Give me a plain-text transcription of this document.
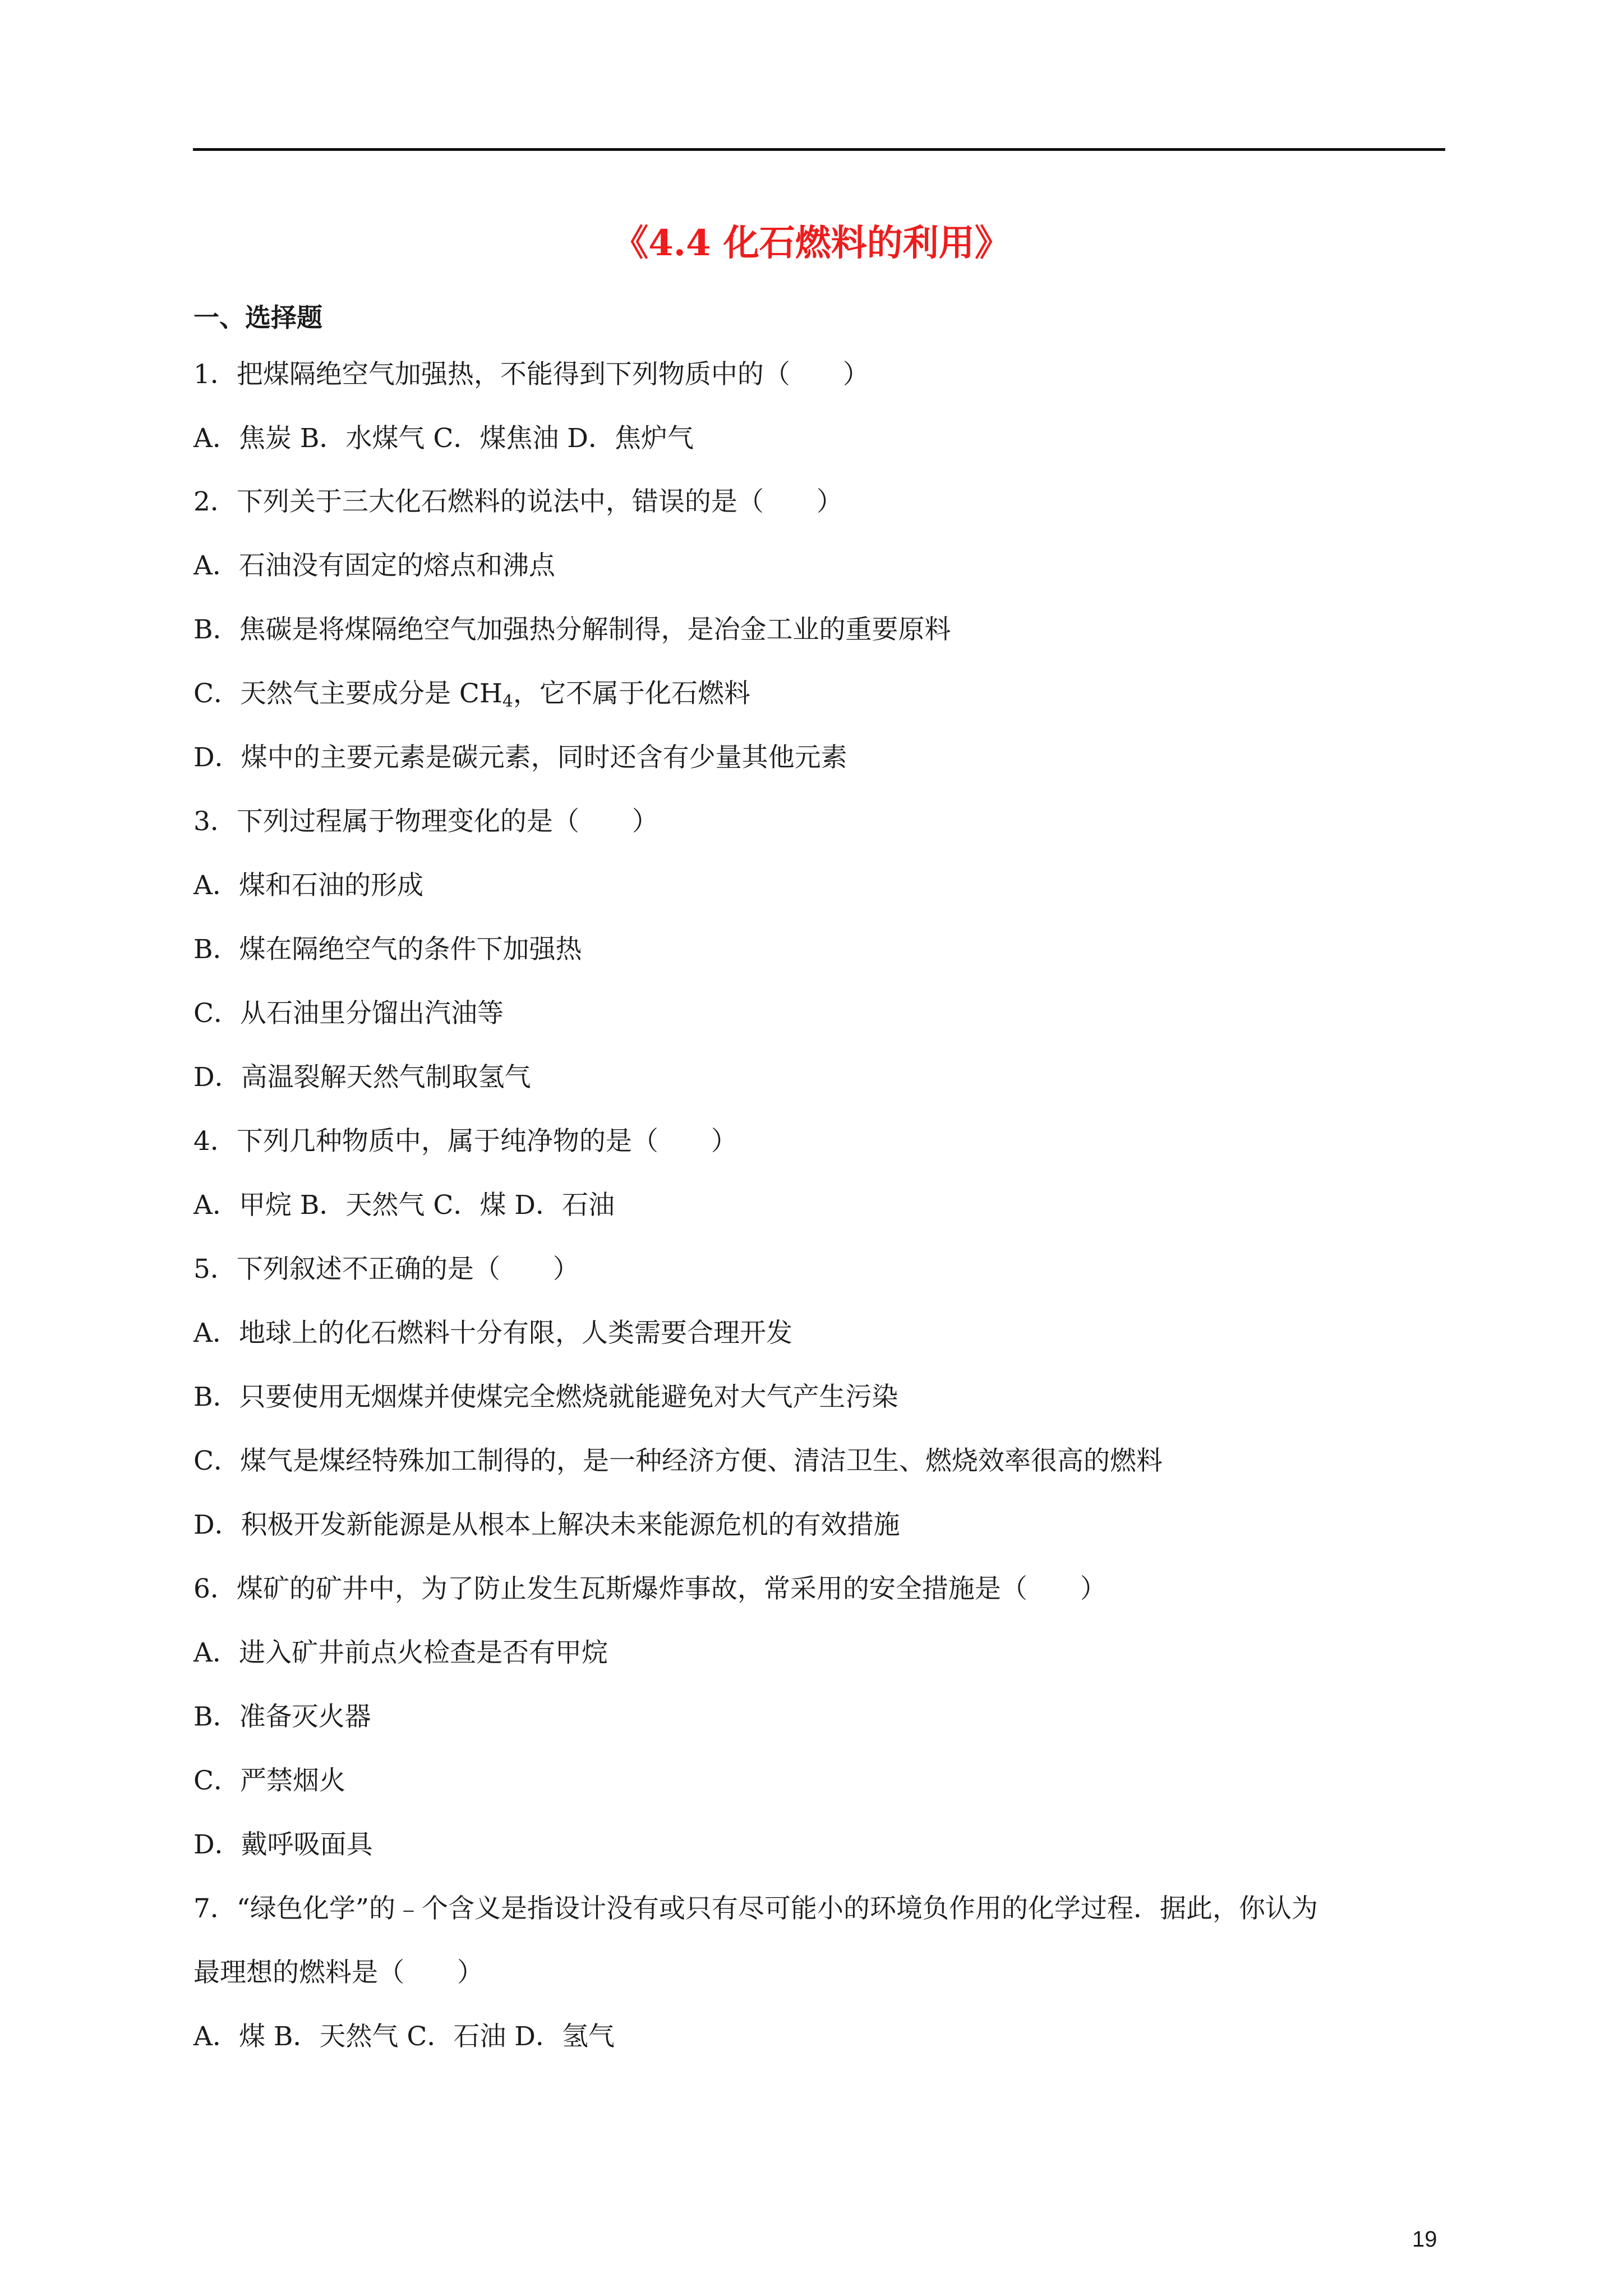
《4.4 化石燃料的利用》
一、选择题
1．把煤隔绝空气加强热，不能得到下列物质中的（　　）
A．焦炭 B．水煤气 C．煤焦油 D．焦炉气
2．下列关于三大化石燃料的说法中，错误的是（　　）
A．石油没有固定的熔点和沸点
B．焦碳是将煤隔绝空气加强热分解制得，是冶金工业的重要原料
C．天然气主要成分是 $CH_4$，它不属于化石燃料
D．煤中的主要元素是碳元素，同时还含有少量其他元素
3．下列过程属于物理变化的是（　　）
A．煤和石油的形成
B．煤在隔绝空气的条件下加强热
C．从石油里分馏出汽油等
D．高温裂解天然气制取氢气
4．下列几种物质中，属于纯净物的是（　　）
A．甲烷 B．天然气 C．煤 D．石油
5．下列叙述不正确的是（　　）
A．地球上的化石燃料十分有限，人类需要合理开发
B．只要使用无烟煤并使煤完全燃烧就能避免对大气产生污染
C．煤气是煤经特殊加工制得的，是一种经济方便、清洁卫生、燃烧效率很高的燃料
D．积极开发新能源是从根本上解决未来能源危机的有效措施
6．煤矿的矿井中，为了防止发生瓦斯爆炸事故，常采用的安全措施是（　　）
A．进入矿井前点火检查是否有甲烷
B．准备灭火器
C．严禁烟火
D．戴呼吸面具
7．“绿色化学”的﹣个含义是指设计没有或只有尽可能小的环境负作用的化学过程．据此，你认为
最理想的燃料是（　　）
A．煤 B．天然气 C．石油 D．氢气
19
